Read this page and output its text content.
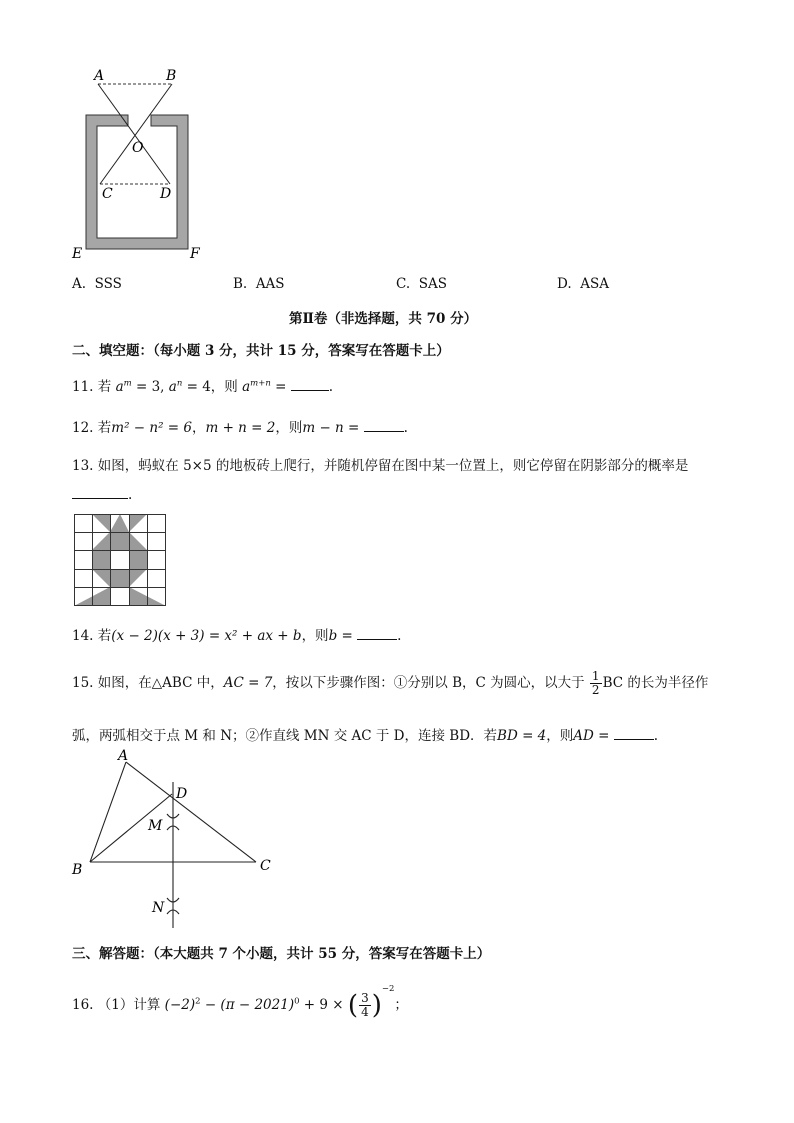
A	B
O
C	D
E	F
A. SSS	B. AAS	C. SAS	D. ASA
第Ⅱ卷（非选择题，共 70 分）
二、填空题：（每小题 3 分，共计 15 分，答案写在答题卡上）
11. 若 $a^m = 3$, $a^n = 4$，则 $a^{m+n}$ =	.
12. 若m² − n² = 6，m + n = 2，则m − n =	.
13. 如图，蚂蚁在 5×5 的地板砖上爬行，并随机停留在图中某一位置上，则它停留在阴影部分的概率是
.
14. 若(x − 2)(x + 3) = x² + ax + b，则b =	.
15. 如图，在△ABC 中，AC = 7，按以下步骤作图：①分别以 B，C 为圆心，以大于 $\frac{1}{2}$ BC 的长为半径作
弧，两弧相交于点 M 和 N；②作直线 MN 交 AC 于 D，连接 BD．若BD = 4，则AD =	.
A
B	C
D
M
N
三、解答题：（本大题共 7 个小题，共计 55 分，答案写在答题卡上）
16. （1）计算 $(-2)^2 - (\pi - 2021)^0 + 9$ × ( $\frac{3}{4} )^{-2}$；
